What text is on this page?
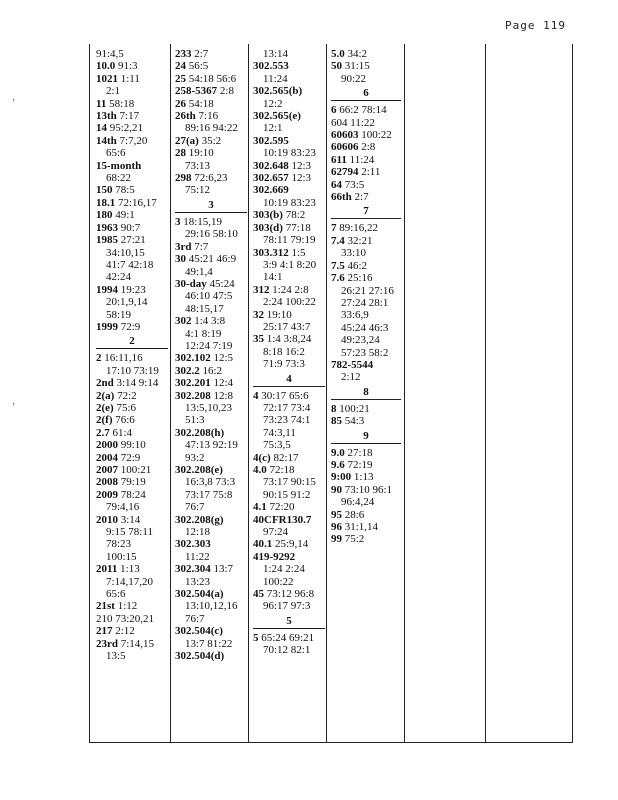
Page 119
‚
‚
91:4,5
10.0 91:3
1021 1:11
2:1
11 58:18
13th 7:17
14 95:2,21
14th 7:7,20
65:6
15-month
68:22
150 78:5
18.1 72:16,17
180 49:1
1963 90:7
1985 27:21
34:10,15
41:7 42:18
42:24
1994 19:23
20:1,9,14
58:19
1999 72:9
2
2 16:11,16
17:10 73:19
2nd 3:14 9:14
2(a) 72:2
2(e) 75:6
2(f) 76:6
2.7 61:4
2000 99:10
2004 72:9
2007 100:21
2008 79:19
2009 78:24
79:4,16
2010 3:14
9:15 78:11
78:23
100:15
2011 1:13
7:14,17,20
65:6
21st 1:12
210 73:20,21
217 2:12
23rd 7:14,15
13:5
233 2:7
24 56:5
25 54:18 56:6
258-5367 2:8
26 54:18
26th 7:16
89:16 94:22
27(a) 35:2
28 19:10
73:13
298 72:6,23
75:12
3
3 18:15,19
29:16 58:10
3rd 7:7
30 45:21 46:9
49:1,4
30-day 45:24
46:10 47:5
48:15,17
302 1:4 3:8
4:1 8:19
12:24 7:19
302.102 12:5
302.2 16:2
302.201 12:4
302.208 12:8
13:5,10,23
51:3
302.208(h)
47:13 92:19
93:2
302.208(e)
16:3,8 73:3
73:17 75:8
76:7
302.208(g)
12:18
302.303
11:22
302.304 13:7
13:23
302.504(a)
13:10,12,16
76:7
302.504(c)
13:7 81:22
302.504(d)
13:14
302.553
11:24
302.565(b)
12:2
302.565(e)
12:1
302.595
10:19 83:23
302.648 12:3
302.657 12:3
302.669
10:19 83:23
303(b) 78:2
303(d) 77:18
78:11 79:19
303.312 1:5
3:9 4:1 8:20
14:1
312 1:24 2:8
2:24 100:22
32 19:10
25:17 43:7
35 1:4 3:8,24
8:18 16:2
71:9 73:3
4
4 30:17 65:6
72:17 73:4
73:23 74:1
74:3,11
75:3,5
4(c) 82:17
4.0 72:18
73:17 90:15
90:15 91:2
4.1 72:20
40CFR130.7
97:24
40.1 25:9,14
419-9292
1:24 2:24
100:22
45 73:12 96:8
96:17 97:3
5
5 65:24 69:21
70:12 82:1
5.0 34:2
50 31:15
90:22
6
6 66:2 78:14
604 11:22
60603 100:22
60606 2:8
611 11:24
62794 2:11
64 73:5
66th 2:7
7
7 89:16,22
7.4 32:21
33:10
7.5 46:2
7.6 25:16
26:21 27:16
27:24 28:1
33:6,9
45:24 46:3
49:23,24
57:23 58:2
782-5544
2:12
8
8 100:21
85 54:3
9
9.0 27:18
9.6 72:19
9:00 1:13
90 73:10 96:1
96:4,24
95 28:6
96 31:1,14
99 75:2
